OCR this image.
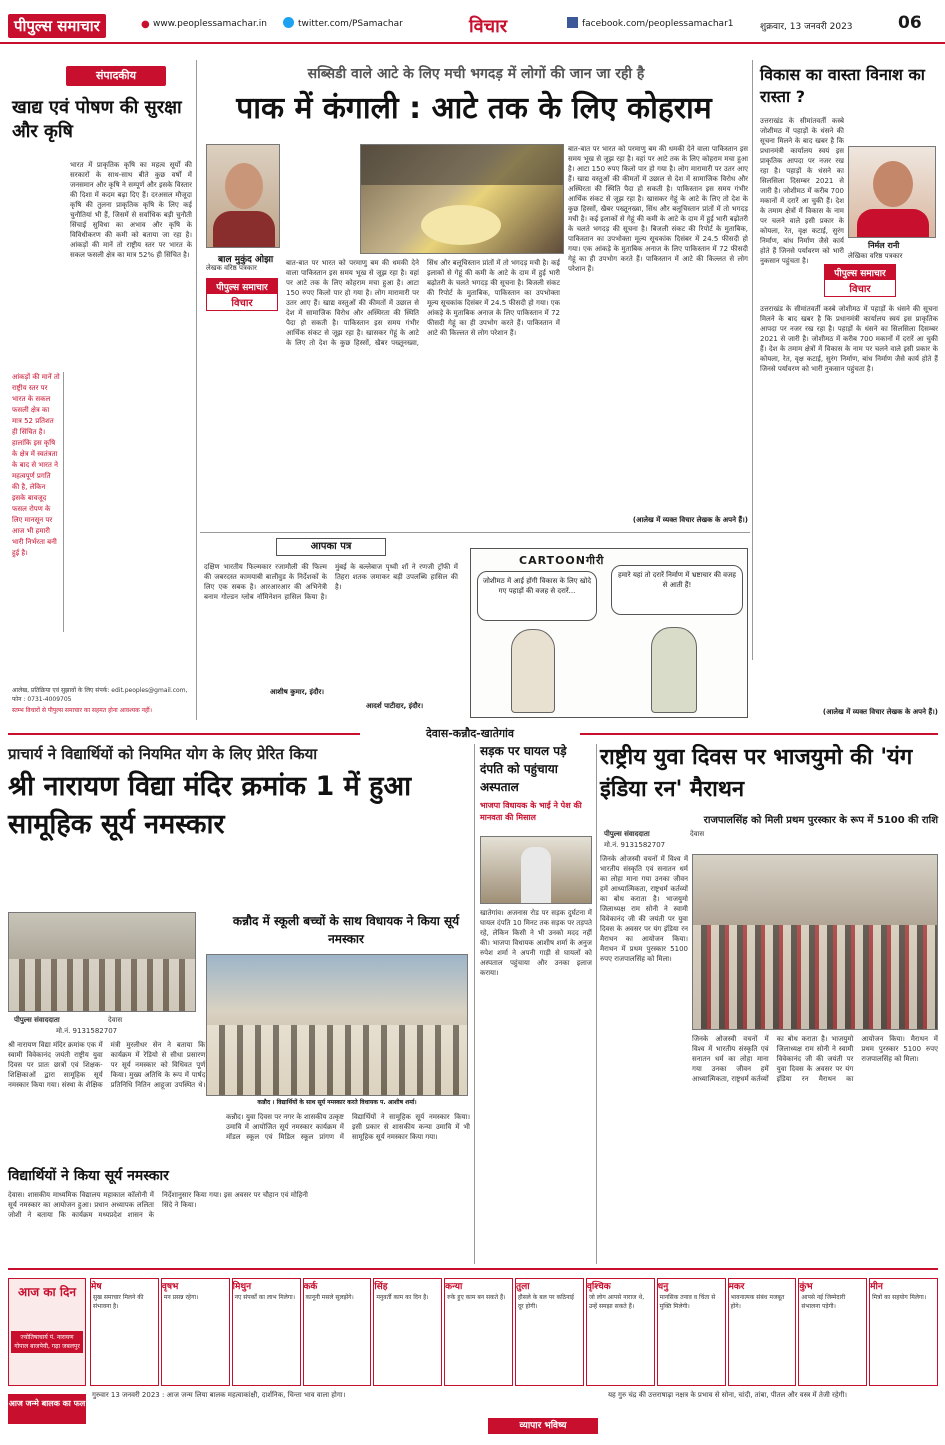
पीपुल्स समाचार	● www.peoplessamachar.in	twitter.com/PSamachar	विचार	facebook.com/peoplessamachar1	शुक्रवार, 13 जनवरी 2023	06
संपादकीय
खाद्य एवं पोषण की सुरक्षा और कृषि
आंकड़ों की मानें तो राष्ट्रीय स्तर पर भारत के सकल फसली क्षेत्र का मात्र 52 प्रतिशत ही सिंचित है। हालांकि इस कृषि के क्षेत्र में स्वतंत्रता के बाद से भारत ने महत्वपूर्ण प्रगति की है, लेकिन इसके बावजूद फसल रोपण के लिए मानसून पर आज भी हमारी भारी निर्भरता बनी हुई है।
भारत में प्राकृतिक कृषि का महत्व सूर्यों की सरकारों के साथ-साथ बीते कुछ वर्षों में जनसमान और कृषि ने सम्पूर्ण और इसके विस्तार की दिशा में कदम बढ़ा दिए हैं। दरअसल मौजूदा कृषि की तुलना प्राकृतिक कृषि के लिए कई चुनौतियां भी हैं, जिसमें से सर्वाधिक बड़ी चुनौती सिंचाई सुविधा का अभाव और कृषि के विविधीकरण की कमी को बताया जा रहा है। आंकड़ों की मानें तो राष्ट्रीय स्तर पर भारत के सकल फसली क्षेत्र का मात्र 52% ही सिंचित है।
आलेख, प्रतिक्रिया एवं सुझावों के लिए संपर्क: edit.peoples@gmail.com, फोन : 0731-4009705
स्तम्भ विचारों से पीपुल्स समाचार का सहमत होना आवश्यक नहीं।
सब्सिडी वाले आटे के लिए मची भगदड़ में लोगों की जान जा रही है
पाक में कंगाली : आटे तक के लिए कोहराम
बाल मुकुंद ओझा
लेखक वरिष्ठ पत्रकार
पीपुल्स समाचार
विचार
बात-बात पर भारत को परमाणु बम की धमकी देने वाला पाकिस्तान इस समय भूख से जूझ रहा है। वहां पर आटे तक के लिए कोहराम मचा हुआ है। आटा 150 रुपए किलो पार हो गया है। लोग मारामारी पर उतर आए हैं। खाद्य वस्तुओं की कीमतों में उछाल से देश में सामाजिक विरोध और अस्थिरता की स्थिति पैदा हो सकती है। पाकिस्तान इस समय गंभीर आर्थिक संकट से जूझ रहा है। खासकर गेहूं के आटे के लिए तो देश के कुछ हिस्सों, खैबर पख्तूनख्वा, सिंध और बलूचिस्तान प्रांतों में तो भगदड़ मची है। कई इलाकों से गेहूं की कमी के आटे के दाम में हुई भारी बढ़ोतरी के चलते भगदड़ की सूचना है। बिजली संकट की रिपोर्ट के मुताबिक, पाकिस्तान का उपभोक्ता मूल्य सूचकांक दिसंबर में 24.5 फीसदी हो गया। एक आंकड़े के मुताबिक अनाज के लिए पाकिस्तान में 72 फीसदी गेहूं का ही उपभोग करते हैं। पाकिस्तान में आटे की किल्लत से लोग परेशान हैं।
बात-बात पर भारत को परमाणु बम की धमकी देने वाला पाकिस्तान इस समय भूख से जूझ रहा है। वहां पर आटे तक के लिए कोहराम मचा हुआ है। आटा 150 रुपए किलो पार हो गया है। लोग मारामारी पर उतर आए हैं। खाद्य वस्तुओं की कीमतों में उछाल से देश में सामाजिक विरोध और अस्थिरता की स्थिति पैदा हो सकती है। पाकिस्तान इस समय गंभीर आर्थिक संकट से जूझ रहा है। खासकर गेहूं के आटे के लिए तो देश के कुछ हिस्सों, खैबर पख्तूनख्वा, सिंध और बलूचिस्तान प्रांतों में तो भगदड़ मची है। कई इलाकों से गेहूं की कमी के आटे के दाम में हुई भारी बढ़ोतरी के चलते भगदड़ की सूचना है। बिजली संकट की रिपोर्ट के मुताबिक, पाकिस्तान का उपभोक्ता मूल्य सूचकांक दिसंबर में 24.5 फीसदी हो गया। एक आंकड़े के मुताबिक अनाज के लिए पाकिस्तान में 72 फीसदी गेहूं का ही उपभोग करते हैं। पाकिस्तान में आटे की किल्लत से लोग परेशान हैं।
(आलेख में व्यक्त विचार लेखक के अपने हैं।)
आपका पत्र
दक्षिण भारतीय फिल्मकार रजामौली की फिल्म की जबरदस्त कामयाबी बालीवुड के निर्देशकों के लिए एक सबक है। आरआरआर की अभिनेत्री बनाम गोल्डन ग्लोब नॉमिनेशन हासिल किया है। मुंबई के बल्लेबाज पृथ्वी शॉ ने रणजी ट्रॉफी में तिहरा शतक जमाकर बड़ी उपलब्धि हासिल की है।
आशीष कुमार, इंदौर।
आदर्श पाटीदार, इंदौर।
CARTOONगीरी
जोशीमठ में आई होंगी विकास के लिए खोदे गए पहाड़ों की वजह से दरारें...
हमारे यहां तो दरारें निर्माण में भ्रष्टाचार की वजह से आती हैं!
विकास का वास्ता विनाश का रास्ता ?
निर्मल रानी
लेखिका वरिष्ठ पत्रकार
पीपुल्स समाचार
विचार
उत्तराखंड के सीमांतवर्ती कस्बे जोशीमठ में पहाड़ों के धंसने की सूचना मिलने के बाद खबर है कि प्रधानमंत्री कार्यालय स्वयं इस प्राकृतिक आपदा पर नजर रख रहा है। पहाड़ों के धंसने का सिलसिला दिसम्बर 2021 से जारी है। जोशीमठ में करीब 700 मकानों में दरारें आ चुकी हैं। देश के तमाम क्षेत्रों में विकास के नाम पर चलने वाले इसी प्रकार के कोयला, रेत, वृक्ष कटाई, सुरंग निर्माण, बांध निर्माण जैसे कार्य होते हैं जिनसे पर्यावरण को भारी नुकसान पहुंचता है।
उत्तराखंड के सीमांतवर्ती कस्बे जोशीमठ में पहाड़ों के धंसने की सूचना मिलने के बाद खबर है कि प्रधानमंत्री कार्यालय स्वयं इस प्राकृतिक आपदा पर नजर रख रहा है। पहाड़ों के धंसने का सिलसिला दिसम्बर 2021 से जारी है। जोशीमठ में करीब 700 मकानों में दरारें आ चुकी हैं। देश के तमाम क्षेत्रों में विकास के नाम पर चलने वाले इसी प्रकार के कोयला, रेत, वृक्ष कटाई, सुरंग निर्माण, बांध निर्माण जैसे कार्य होते हैं जिनसे पर्यावरण को भारी नुकसान पहुंचता है।
(आलेख में व्यक्त विचार लेखक के अपने हैं।)
देवास-कन्नौद-खातेगांव
प्राचार्य ने विद्यार्थियों को नियमित योग के लिए प्रेरित किया
श्री नारायण विद्या मंदिर क्रमांक 1 में हुआ सामूहिक सूर्य नमस्कार
पीपुल्स संवाददाता	देवास
मो.नं. 9131582707
श्री नारायण विद्या मंदिर क्रमांक एक में स्वामी विवेकानंद जयंती राष्ट्रीय युवा दिवस पर प्रातः छात्रों एवं शिक्षक-शिक्षिकाओं द्वारा सामूहिक सूर्य नमस्कार किया गया। संस्था के शैक्षिक मंत्री मुरलीधर सेन ने बताया कि कार्यक्रम में रेडियो से सीधा प्रसारण पर सूर्य नमस्कार को विधिवत पूर्ण किया। मुख्य अतिथि के रूप में पार्षद प्रतिनिधि नितिन आहूजा उपस्थित थे।
कन्नौद में स्कूली बच्चों के साथ विधायक ने किया सूर्य नमस्कार
कन्नौद । विद्यार्थियों के साथ सूर्य नमस्कार करते विधायक प. आशीष शर्मा।
कन्नौद। युवा दिवस पर नगर के शासकीय उत्कृष्ट उमावि में आयोजित सूर्य नमस्कार कार्यक्रम में मॉडल स्कूल एवं मिडिल स्कूल प्रांगण में विद्यार्थियों ने सामूहिक सूर्य नमस्कार किया। इसी प्रकार से शासकीय कन्या उमावि में भी सामूहिक सूर्य नमस्कार किया गया।
विद्यार्थियों ने किया सूर्य नमस्कार
देवास। शासकीय माध्यमिक विद्यालय महाकाल कॉलोनी में सूर्य नमस्कार का आयोजन हुआ। प्रधान अध्यापक ललिता जोशी ने बताया कि कार्यक्रम मध्यप्रदेश शासन के निर्देशानुसार किया गया। इस अवसर पर चौहान एवं मोहिनी सिंदे ने किया।
सड़क पर घायल पड़े दंपति को पहुंचाया अस्पताल
भाजपा विधायक के भाई ने पेश की मानवता की मिसाल
खातेगांव। अजनास रोड पर सड़क दुर्घटना में घायल दंपति 10 मिनट तक सड़क पर तड़पते रहे, लेकिन किसी ने भी उनको मदद नहीं की। भाजपा विधायक आशीष शर्मा के अनुज रुपेश शर्मा ने अपनी गाड़ी से घायलों को अस्पताल पहुंचाया और उनका इलाज कराया।
राष्ट्रीय युवा दिवस पर भाजयुमो की 'यंग इंडिया रन' मैराथन
राजपालसिंह को मिली प्रथम पुरस्कार के रूप में 5100 की राशि
पीपुल्स संवाददाता	देवास
मो.नं. 9131582707
जिनके ओजस्वी वचनों में विश्व में भारतीय संस्कृति एवं सनातन धर्म का लोहा माना गया उनका जीवन हमें आध्यात्मिकता, राष्ट्रधर्म कर्तव्यों का बोध कराता है। भाजयुमो जिलाध्यक्ष राम सोनी ने स्वामी विवेकानंद जी की जयंती पर युवा दिवस के अवसर पर यंग इंडिया रन मैराथन का आयोजन किया। मैराथन में प्रथम पुरस्कार 5100 रुपए राजपालसिंह को मिला।
जिनके ओजस्वी वचनों में विश्व में भारतीय संस्कृति एवं सनातन धर्म का लोहा माना गया उनका जीवन हमें आध्यात्मिकता, राष्ट्रधर्म कर्तव्यों का बोध कराता है। भाजयुमो जिलाध्यक्ष राम सोनी ने स्वामी विवेकानंद जी की जयंती पर युवा दिवस के अवसर पर यंग इंडिया रन मैराथन का आयोजन किया। मैराथन में प्रथम पुरस्कार 5100 रुपए राजपालसिंह को मिला।
आज का दिन
ज्योतिषाचार्य पं. नारायण गोपाल बाजपेयी, गढ़ा जबलपुर
आज जन्मे बालक का फल
मेष
सुख समाचार मिलने की संभावना है।
वृषभ
मन प्रसन्न रहेगा।
मिथुन
नए संपर्कों का लाभ मिलेगा।
कर्क
कानूनी मसले सुलझेंगे।
सिंह
मनुवर्ती काम का दिन है।
कन्या
रुके हुए काम बन सकते हैं।
तुला
हौसले के बल पर कठिनाई दूर होगी।
वृश्चिक
जो लोग आपसे नाराज थे, उन्हें समझा सकते हैं।
धनु
मानसिक तनाव व चिंता से मुक्ति मिलेगी।
मकर
भावनात्मक संबंध मजबूत होंगे।
कुंभ
आपसे नई जिम्मेदारी संभालना पड़ेगी।
मीन
मित्रों का सहयोग मिलेगा।
गुरुवार 13 जनवरी 2023 : आज जन्म लिया बालक महत्वाकांक्षी, दार्शनिक, चिन्ता भाव वाला होगा।
व्यापार भविष्य
यह गुरु चंद्र की उत्तराषाढ़ा नक्षत्र के प्रभाव से सोना, चांदी, तांबा, पीतल और वस्त्र में तेजी रहेगी।
